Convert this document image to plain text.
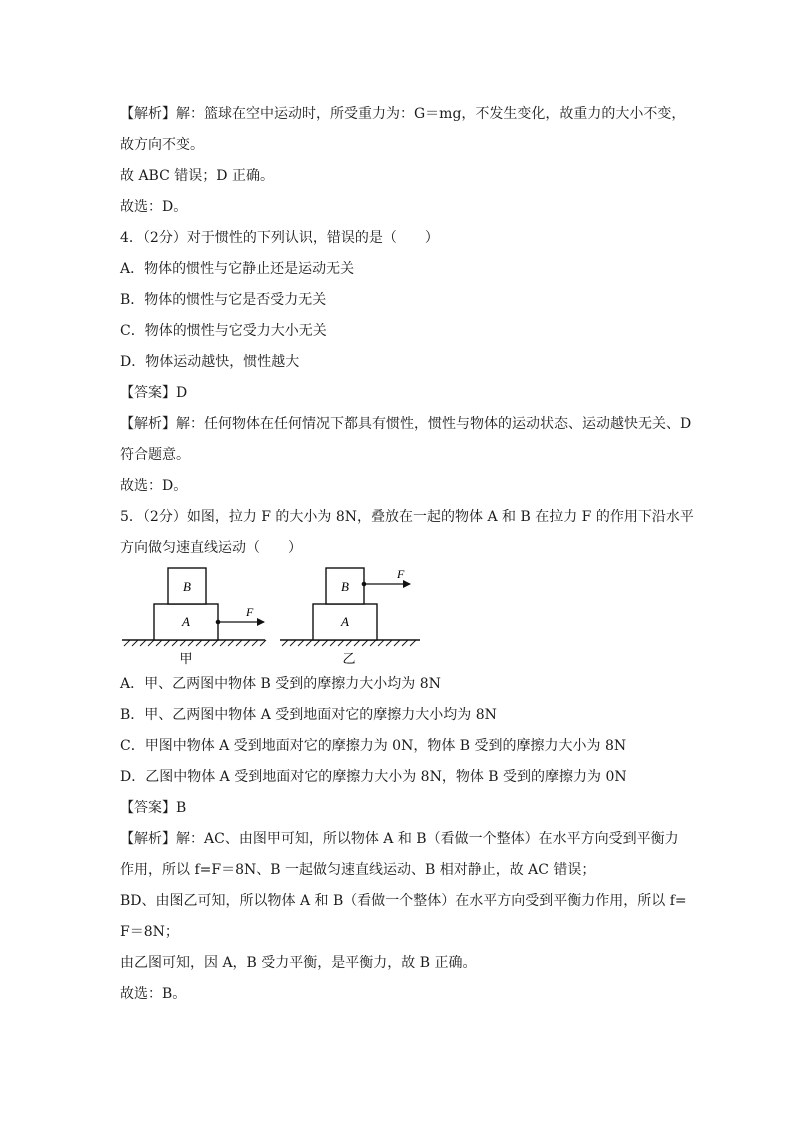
【解析】解：篮球在空中运动时，所受重力为：G＝mg，不发生变化，故重力的大小不变，
故方向不变。
故 ABC 错误；D 正确。
故选：D。
4．（2分）对于惯性的下列认识，错误的是（　　）
A．物体的惯性与它静止还是运动无关
B．物体的惯性与它是否受力无关
C．物体的惯性与它受力大小无关
D．物体运动越快，惯性越大
【答案】D
【解析】解：任何物体在任何情况下都具有惯性，惯性与物体的运动状态、运动越快无关、D
符合题意。
故选：D。
5．（2分）如图，拉力 F 的大小为 8N，叠放在一起的物体 A 和 B 在拉力 F 的作用下沿水平
方向做匀速直线运动（　　）
A
B
F
甲
A
B
F
乙
A．甲、乙两图中物体 B 受到的摩擦力大小均为 8N
B．甲、乙两图中物体 A 受到地面对它的摩擦力大小均为 8N
C．甲图中物体 A 受到地面对它的摩擦力为 0N，物体 B 受到的摩擦力大小为 8N
D．乙图中物体 A 受到地面对它的摩擦力大小为 8N，物体 B 受到的摩擦力为 0N
【答案】B
【解析】解：AC、由图甲可知，所以物体 A 和 B（看做一个整体）在水平方向受到平衡力
作用，所以 f=F＝8N、B 一起做匀速直线运动、B 相对静止，故 AC 错误；
BD、由图乙可知，所以物体 A 和 B（看做一个整体）在水平方向受到平衡力作用，所以 f=
F＝8N；
由乙图可知，因 A，B 受力平衡，是平衡力，故 B 正确。
故选：B。
